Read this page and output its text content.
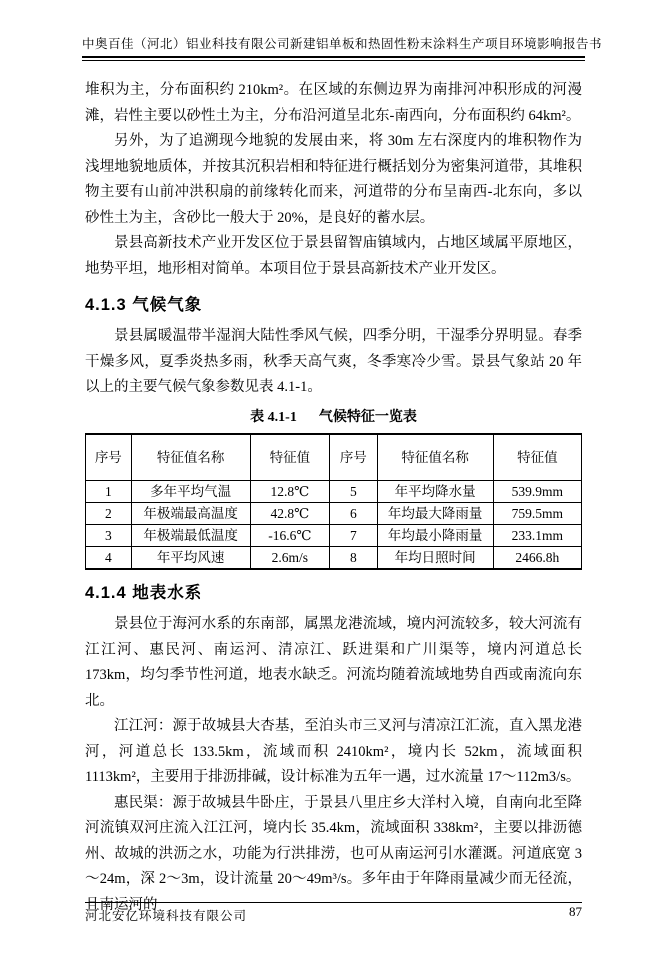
中奥百佳（河北）铝业科技有限公司新建铝单板和热固性粉末涂料生产项目环境影响报告书

堆积为主，分布面积约 210km²。在区域的东侧边界为南排河冲积形成的河漫滩，岩性主要以砂性土为主，分布沿河道呈北东-南西向，分布面积约 64km²。

另外，为了追溯现今地貌的发展由来，将 30m 左右深度内的堆积物作为浅埋地貌地质体，并按其沉积岩相和特征进行概括划分为密集河道带，其堆积物主要有山前冲洪积扇的前缘转化而来，河道带的分布呈南西-北东向，多以砂性土为主，含砂比一般大于 20%，是良好的蓄水层。

景县高新技术产业开发区位于景县留智庙镇域内，占地区域属平原地区，地势平坦，地形相对简单。本项目位于景县高新技术产业开发区。

4.1.3 气候气象

景县属暖温带半湿润大陆性季风气候，四季分明，干湿季分界明显。春季干燥多风，夏季炎热多雨，秋季天高气爽，冬季寒冷少雪。景县气象站 20 年以上的主要气候气象参数见表 4.1-1。

表 4.1-1 气候特征一览表
序号	特征值名称	特征值	序号	特征值名称	特征值
1	多年平均气温	12.8℃	5	年平均降水量	539.9mm
2	年极端最高温度	42.8℃	6	年均最大降雨量	759.5mm
3	年极端最低温度	-16.6℃	7	年均最小降雨量	233.1mm
4	年平均风速	2.6m/s	8	年均日照时间	2466.8h
4.1.4 地表水系

景县位于海河水系的东南部，属黑龙港流域，境内河流较多，较大河流有江江河、惠民河、南运河、清凉江、跃进渠和广川渠等，境内河道总长 173km，均匀季节性河道，地表水缺乏。河流均随着流域地势自西或南流向东北。

江江河：源于故城县大杏基，至泊头市三叉河与清凉江汇流，直入黑龙港河，河道总长 133.5km，流域而积 2410km²，境内长 52km，流域面积 1113km²，主要用于排沥排碱，设计标准为五年一遇，过水流量 17～112m3/s。

惠民渠：源于故城县牛卧庄，于景县八里庄乡大洋村入境，自南向北至降河流镇双河庄流入江江河，境内长 35.4km，流域面积 338km²，主要以排沥德州、故城的洪沥之水，功能为行洪排涝，也可从南运河引水灌溉。河道底宽 3～24m，深 2～3m，设计流量 20～49m³/s。多年由于年降雨量减少而无径流，且南运河的

河北安亿环境科技有限公司	87
